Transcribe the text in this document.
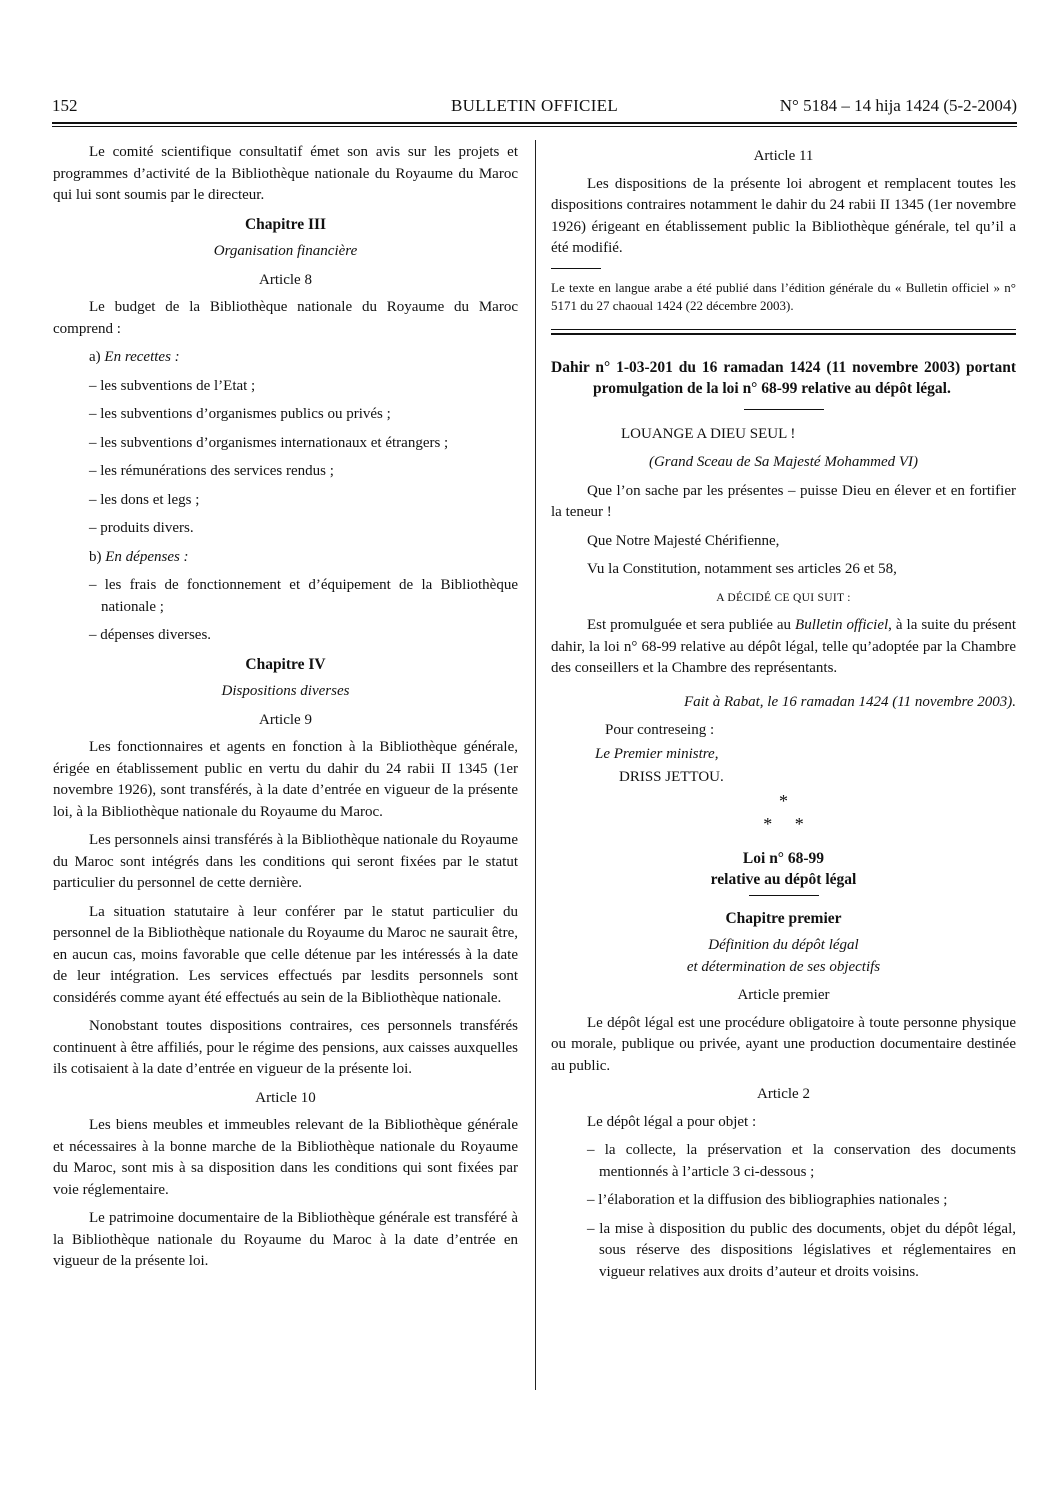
152	BULLETIN OFFICIEL	N° 5184 – 14 hija 1424 (5-2-2004)

Le comité scientifique consultatif émet son avis sur les projets et programmes d’activité de la Bibliothèque nationale du Royaume du Maroc qui lui sont soumis par le directeur.

Chapitre III

Organisation financière

Article 8

Le budget de la Bibliothèque nationale du Royaume du Maroc comprend :

a) En recettes :

– les subventions de l’Etat ;

– les subventions d’organismes publics ou privés ;

– les subventions d’organismes internationaux et étrangers ;

– les rémunérations des services rendus ;

– les dons et legs ;

– produits divers.

b) En dépenses :

– les frais de fonctionnement et d’équipement de la Bibliothèque nationale ;

– dépenses diverses.

Chapitre IV

Dispositions diverses

Article 9

Les fonctionnaires et agents en fonction à la Bibliothèque générale, érigée en établissement public en vertu du dahir du 24 rabii II 1345 (1er novembre 1926), sont transférés, à la date d’entrée en vigueur de la présente loi, à la Bibliothèque nationale du Royaume du Maroc.

Les personnels ainsi transférés à la Bibliothèque nationale du Royaume du Maroc sont intégrés dans les conditions qui seront fixées par le statut particulier du personnel de cette dernière.

La situation statutaire à leur conférer par le statut particulier du personnel de la Bibliothèque nationale du Royaume du Maroc ne saurait être, en aucun cas, moins favorable que celle détenue par les intéressés à la date de leur intégration. Les services effectués par lesdits personnels sont considérés comme ayant été effectués au sein de la Bibliothèque nationale.

Nonobstant toutes dispositions contraires, ces personnels transférés continuent à être affiliés, pour le régime des pensions, aux caisses auxquelles ils cotisaient à la date d’entrée en vigueur de la présente loi.

Article 10

Les biens meubles et immeubles relevant de la Bibliothèque générale et nécessaires à la bonne marche de la Bibliothèque nationale du Royaume du Maroc, sont mis à sa disposition dans les conditions qui sont fixées par voie réglementaire.

Le patrimoine documentaire de la Bibliothèque générale est transféré à la Bibliothèque nationale du Royaume du Maroc à la date d’entrée en vigueur de la présente loi.

Article 11

Les dispositions de la présente loi abrogent et remplacent toutes les dispositions contraires notamment le dahir du 24 rabii II 1345 (1er novembre 1926) érigeant en établissement public la Bibliothèque générale, tel qu’il a été modifié.

Le texte en langue arabe a été publié dans l’édition générale du « Bulletin officiel » n° 5171 du 27 chaoual 1424 (22 décembre 2003).

Dahir n° 1-03-201 du 16 ramadan 1424 (11 novembre 2003) portant promulgation de la loi n° 68-99 relative au dépôt légal.

LOUANGE A DIEU SEUL !

(Grand Sceau de Sa Majesté Mohammed VI)

Que l’on sache par les présentes – puisse Dieu en élever et en fortifier la teneur !

Que Notre Majesté Chérifienne,

Vu la Constitution, notamment ses articles 26 et 58,

A DÉCIDÉ CE QUI SUIT :

Est promulguée et sera publiée au Bulletin officiel, à la suite du présent dahir, la loi n° 68-99 relative au dépôt légal, telle qu’adoptée par la Chambre des conseillers et la Chambre des représentants.

Fait à Rabat, le 16 ramadan 1424 (11 novembre 2003).

Pour contreseing :

Le Premier ministre,

DRISS JETTOU.

*
*     *
Loi n° 68-99
relative au dépôt légal
Chapitre premier

Définition du dépôt légal

et détermination de ses objectifs

Article premier

Le dépôt légal est une procédure obligatoire à toute personne physique ou morale, publique ou privée, ayant une production documentaire destinée au public.

Article 2

Le dépôt légal a pour objet :

– la collecte, la préservation et la conservation des documents mentionnés à l’article 3 ci-dessous ;

– l’élaboration et la diffusion des bibliographies nationales ;

– la mise à disposition du public des documents, objet du dépôt légal, sous réserve des dispositions législatives et réglementaires en vigueur relatives aux droits d’auteur et droits voisins.
